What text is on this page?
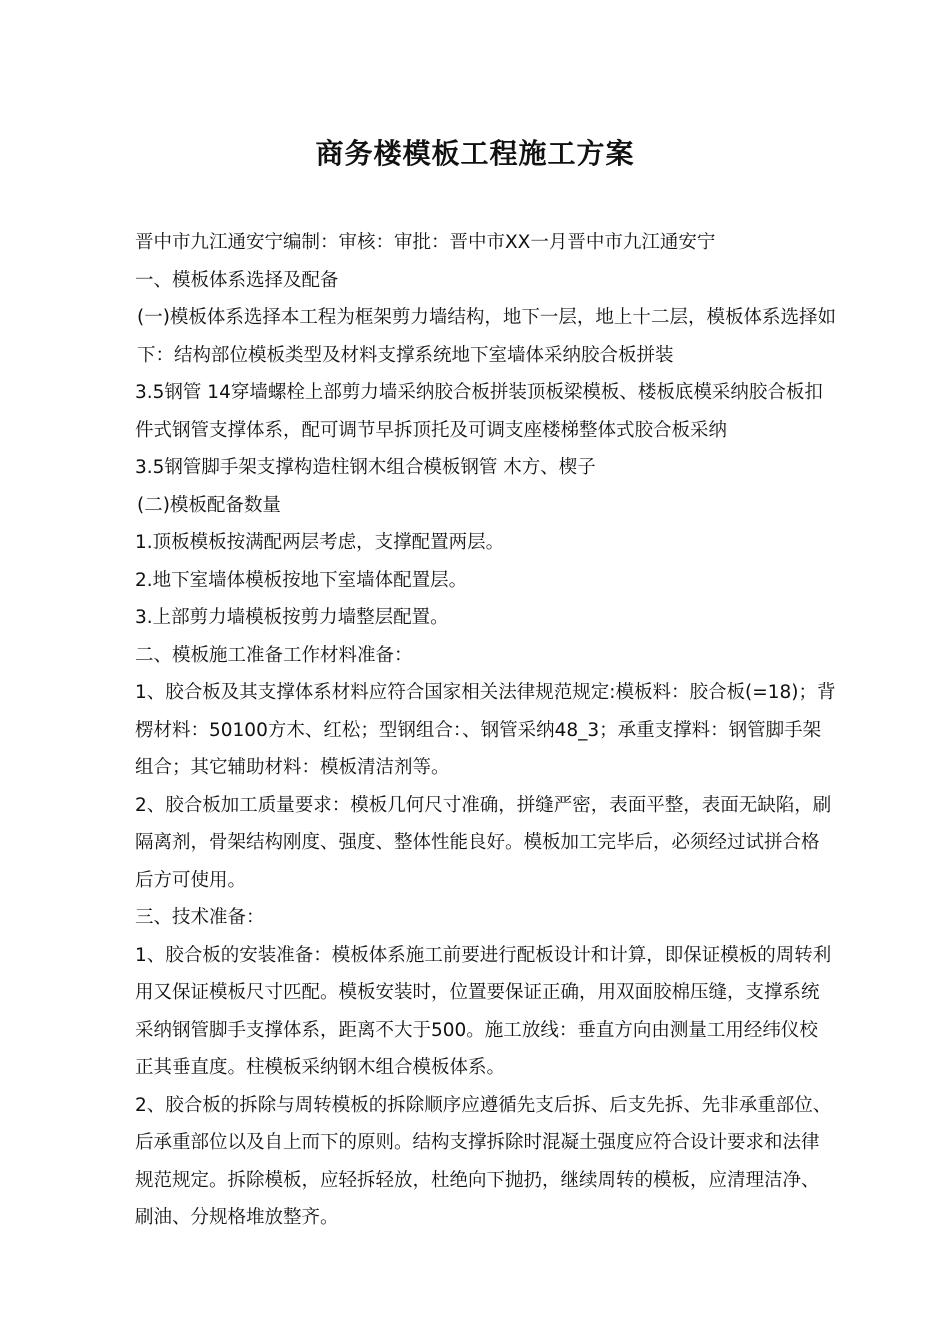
商务楼模板工程施工方案

晋中市九江通安宁编制：审核：审批：晋中市XX一月晋中市九江通安宁

一、模板体系选择及配备

(一)模板体系选择本工程为框架剪力墙结构，地下一层，地上十二层，模板体系选择如下：结构部位模板类型及材料支撑系统地下室墙体采纳胶合板拼装

3.5钢管 14穿墙螺栓上部剪力墙采纳胶合板拼装顶板梁模板、楼板底模采纳胶合板扣件式钢管支撑体系，配可调节早拆顶托及可调支座楼梯整体式胶合板采纳

3.5钢管脚手架支撑构造柱钢木组合模板钢管 木方、楔子

(二)模板配备数量

1.顶板模板按满配两层考虑，支撑配置两层。

2.地下室墙体模板按地下室墙体配置层。

3.上部剪力墙模板按剪力墙整层配置。

二、模板施工准备工作材料准备：

1、胶合板及其支撑体系材料应符合国家相关法律规范规定:模板料：胶合板(=18)；背楞材料：50100方木、红松；型钢组合：、钢管采纳48_3；承重支撑料：钢管脚手架组合；其它辅助材料：模板清洁剂等。

2、胶合板加工质量要求：模板几何尺寸准确，拼缝严密，表面平整，表面无缺陷，刷隔离剂，骨架结构刚度、强度、整体性能良好。模板加工完毕后，必须经过试拼合格后方可使用。

三、技术准备：

1、胶合板的安装准备：模板体系施工前要进行配板设计和计算，即保证模板的周转利用又保证模板尺寸匹配。模板安装时，位置要保证正确，用双面胶棉压缝，支撑系统采纳钢管脚手支撑体系，距离不大于500。施工放线：垂直方向由测量工用经纬仪校正其垂直度。柱模板采纳钢木组合模板体系。

2、胶合板的拆除与周转模板的拆除顺序应遵循先支后拆、后支先拆、先非承重部位、后承重部位以及自上而下的原则。结构支撑拆除时混凝土强度应符合设计要求和法律规范规定。拆除模板，应轻拆轻放，杜绝向下抛扔，继续周转的模板，应清理洁净、刷油、分规格堆放整齐。
